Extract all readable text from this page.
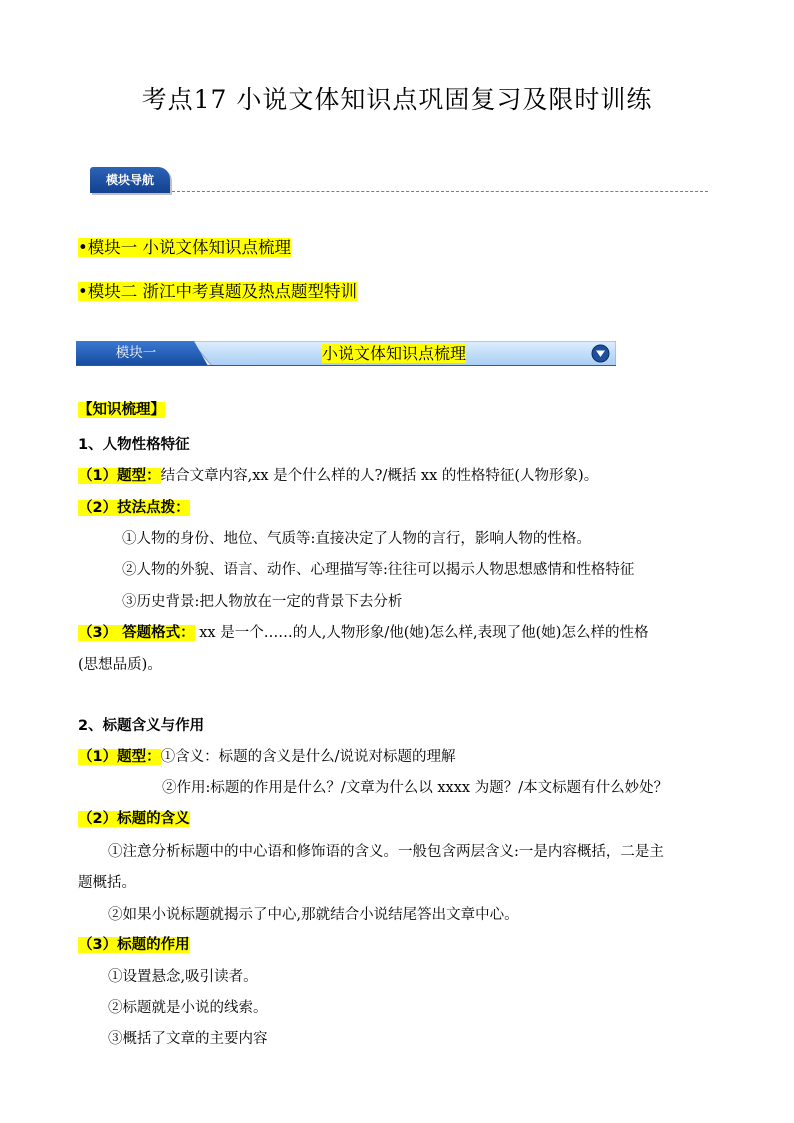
考点17 小说文体知识点巩固复习及限时训练
模块导航
•模块一 小说文体知识点梳理
•模块二 浙江中考真题及热点题型特训
模块一	小说文体知识点梳理
【知识梳理】
1、人物性格特征
（1）题型：结合文章内容,xx 是个什么样的人?/概括 xx 的性格特征(人物形象)。
（2）技法点拨：
①人物的身份、地位、气质等:直接决定了人物的言行，影响人物的性格。
②人物的外貌、语言、动作、心理描写等:往往可以揭示人物思想感情和性格特征
③历史背景:把人物放在一定的背景下去分析
（3） 答题格式： xx 是一个……的人,人物形象/他(她)怎么样,表现了他(她)怎么样的性格
(思想品质)。
2、标题含义与作用
（1）题型：①含义：标题的含义是什么/说说对标题的理解
②作用:标题的作用是什么？/文章为什么以 xxxx 为题？/本文标题有什么妙处？
（2）标题的含义
①注意分析标题中的中心语和修饰语的含义。一般包含两层含义:一是内容概括，二是主
题概括。
②如果小说标题就揭示了中心,那就结合小说结尾答出文章中心。
（3）标题的作用
①设置悬念,吸引读者。
②标题就是小说的线索。
③概括了文章的主要内容
